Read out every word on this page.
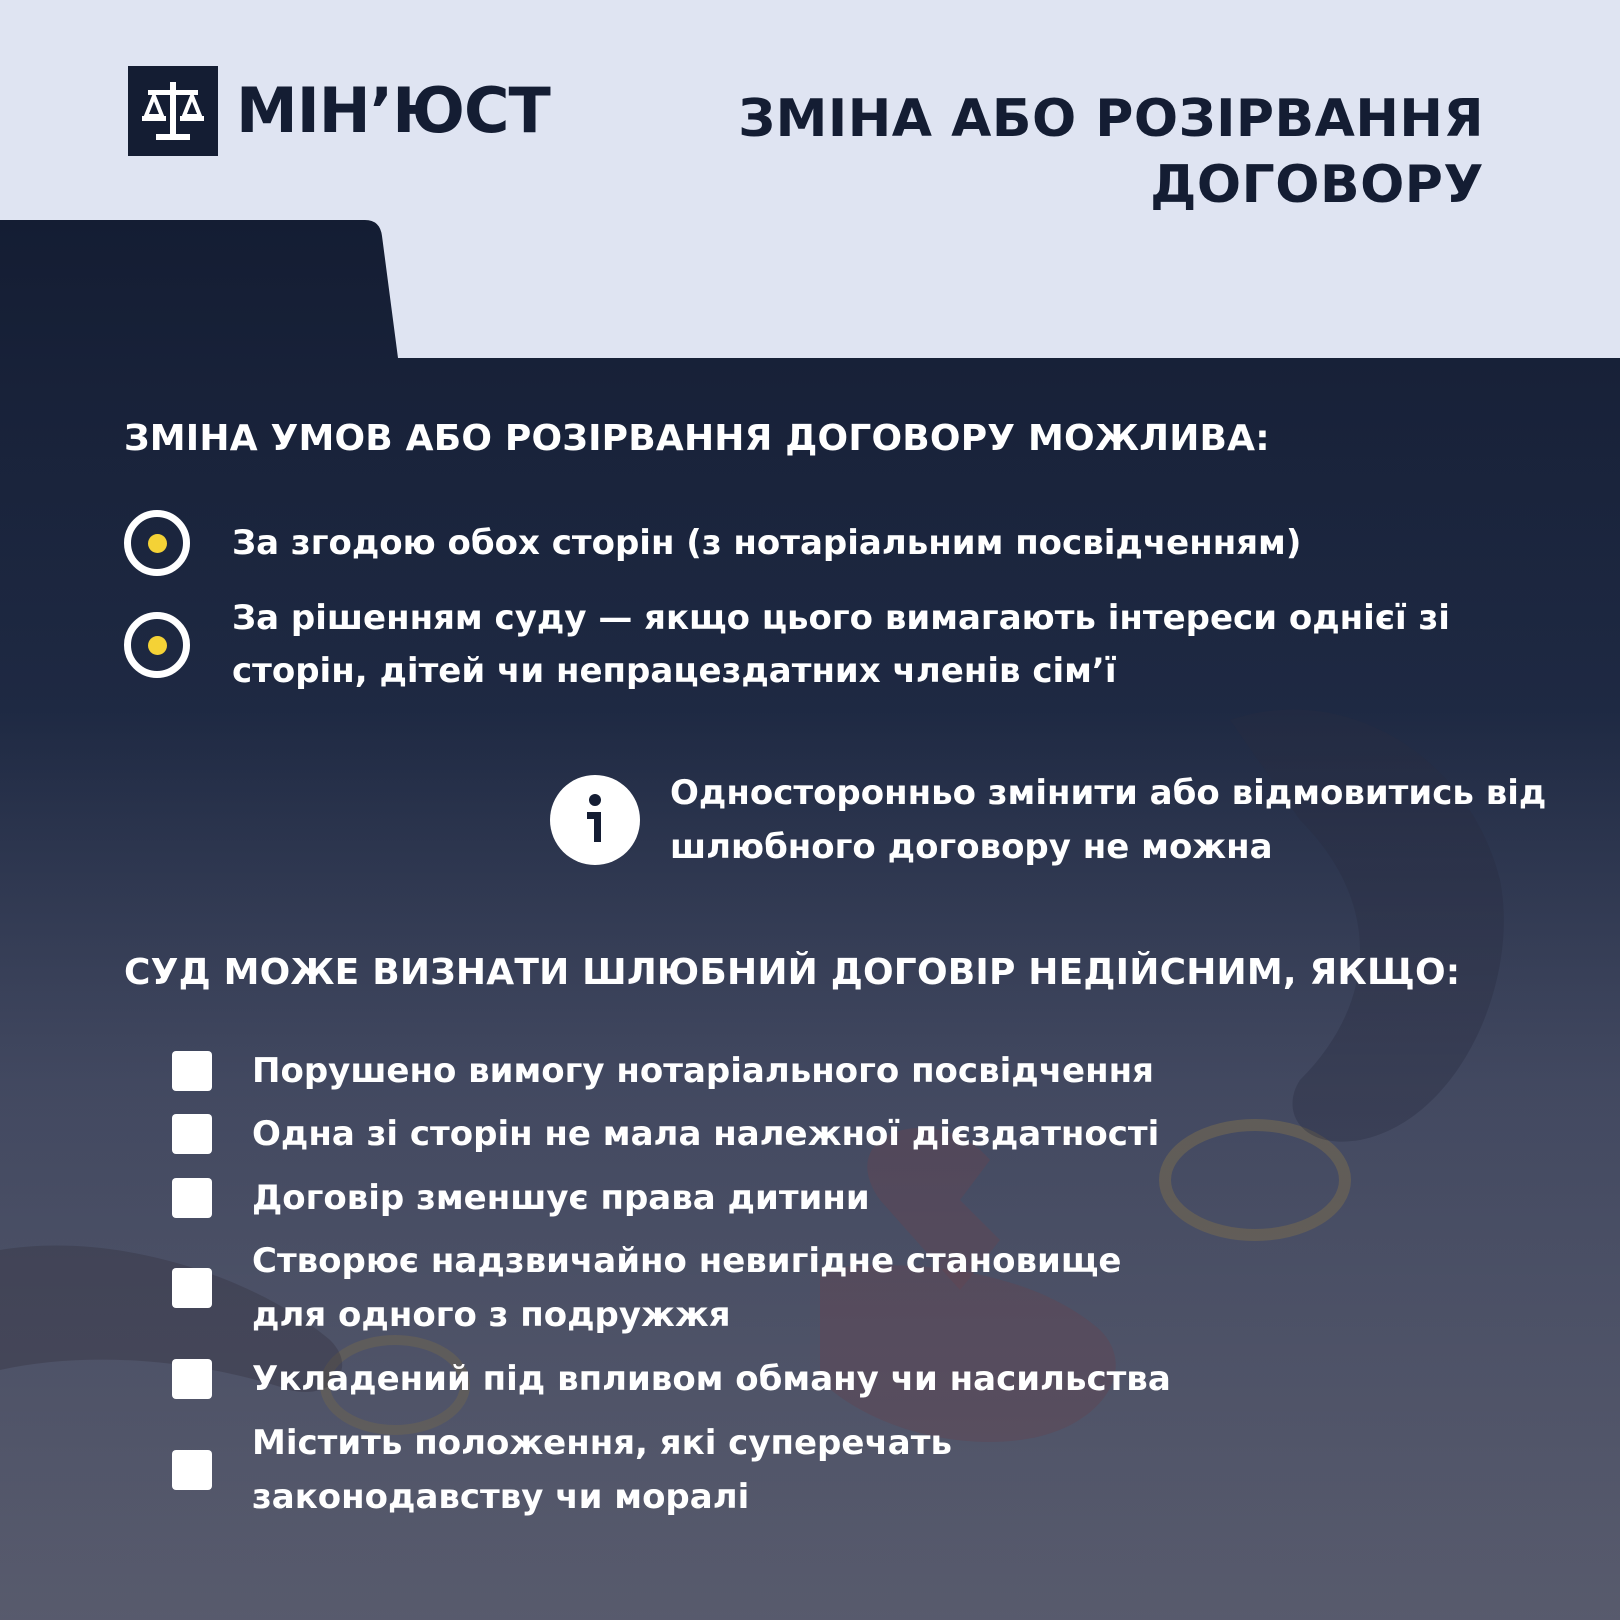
МІН’ЮСТ	ЗМІНА АБО РОЗІРВАННЯ ДОГОВОРУ
ЗМІНА УМОВ АБО РОЗІРВАННЯ ДОГОВОРУ МОЖЛИВА:
За згодою обох сторін (з нотаріальним посвідченням)
За рішенням суду — якщо цього вимагають інтереси однієї зі сторін, дітей чи непрацездатних членів сім’ї
Односторонньо змінити або відмовитись від шлюбного договору не можна
СУД МОЖЕ ВИЗНАТИ ШЛЮБНИЙ ДОГОВІР НЕДІЙСНИМ, ЯКЩО:
Порушено вимогу нотаріального посвідчення
Одна зі сторін не мала належної дієздатності
Договір зменшує права дитини
Створює надзвичайно невигідне становище для одного з подружжя
Укладений під впливом обману чи насильства
Містить положення, які суперечать законодавству чи моралі
